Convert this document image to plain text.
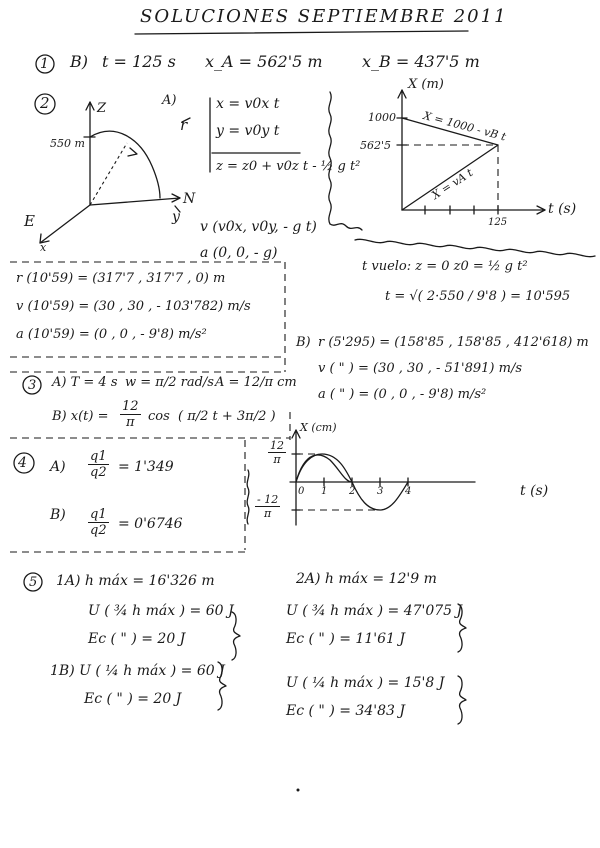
SOLUCIONES SEPTIEMBRE 2011
1 B) t = 125 s x_A = 562'5 m x_B = 437'5 m
2	Z
550 m
N
y
E
x
A)
r
x = v0x t
y = v0y t
z = z0 + v0z t - ½ g t²
v (v0x, v0y, - g t)
a (0, 0, - g)
X (m)
1000
562'5
X = 1000 - vB t
X = vA t
t (s)
125
t vuelo: z = 0 z0 = ½ g t²
t = √( 2·550 / 9'8 ) = 10'595
r (10'59) = (317'7 , 317'7 , 0) m
v (10'59) = (30 , 30 , - 103'782) m/s
a (10'59) = (0 , 0 , - 9'8) m/s²
B) r (5'295) = (158'85 , 158'85 , 412'618) m
v ( " ) = (30 , 30 , - 51'891) m/s
a ( " ) = (0 , 0 , - 9'8) m/s²
3 A) T = 4 s w = π/2 rad/s A = 12/π cm
B) $x(t) = \frac{12}{\pi}$ cos ( π/2 t + 3π/2 )
X (cm)
$\frac{12}{\pi}$
$\frac{- 12}{\pi}$
0 1 2 3 4	t (s)
4 $A) \frac{q1}{q2} = 1'349$
$B) \frac{q1}{q2} = 0'6746$
5 1A) h máx = 16'326 m
U ( ¾ h máx ) = 60 J
Ec ( " ) = 20 J
1B) U ( ¼ h máx ) = 60 J
Ec ( " ) = 20 J
2A) h máx = 12'9 m
U ( ¾ h máx ) = 47'075 J
Ec ( " ) = 11'61 J
U ( ¼ h máx ) = 15'8 J
Ec ( " ) = 34'83 J
